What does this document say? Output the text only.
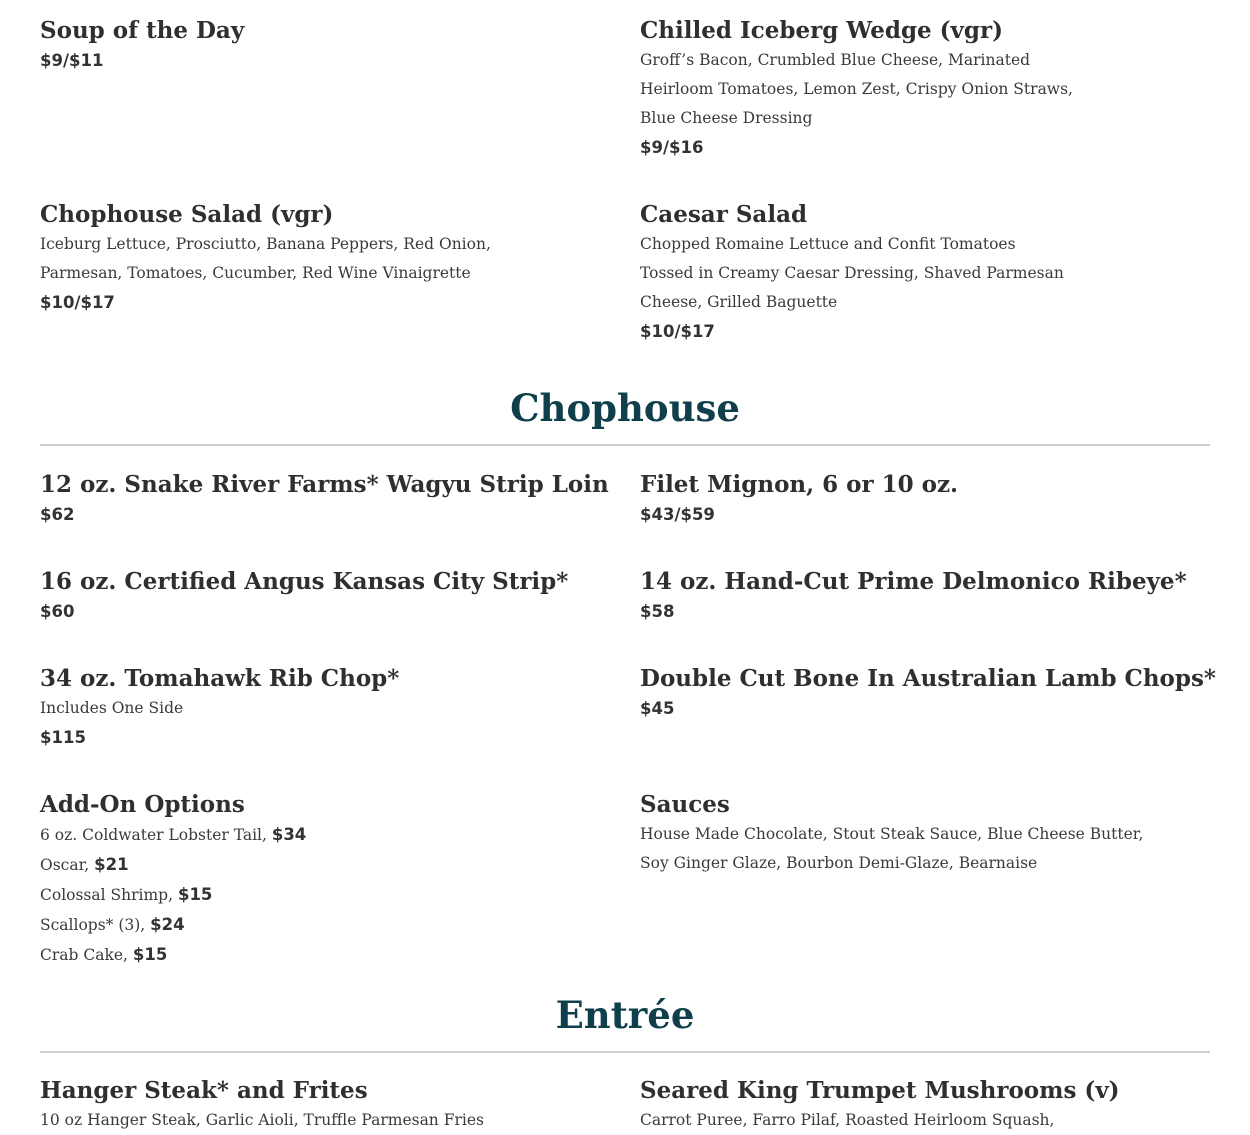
Soup of the Day
$9/$11
Chilled Iceberg Wedge (vgr)
Groff’s Bacon, Crumbled Blue Cheese, Marinated
Heirloom Tomatoes, Lemon Zest, Crispy Onion Straws,
Blue Cheese Dressing
$9/$16
Chophouse Salad (vgr)
Iceburg Lettuce, Prosciutto, Banana Peppers, Red Onion,
Parmesan, Tomatoes, Cucumber, Red Wine Vinaigrette
$10/$17
Caesar Salad
Chopped Romaine Lettuce and Confit Tomatoes
Tossed in Creamy Caesar Dressing, Shaved Parmesan
Cheese, Grilled Baguette
$10/$17
Chophouse
12 oz. Snake River Farms* Wagyu Strip Loin
$62
Filet Mignon, 6 or 10 oz.
$43/$59
16 oz. Certified Angus Kansas City Strip*
$60
14 oz. Hand-Cut Prime Delmonico Ribeye*
$58
34 oz. Tomahawk Rib Chop*
Includes One Side
$115
Double Cut Bone In Australian Lamb Chops*
$45
Add-On Options
6 oz. Coldwater Lobster Tail, $34
Oscar, $21
Colossal Shrimp, $15
Scallops* (3), $24
Crab Cake, $15
Sauces
House Made Chocolate, Stout Steak Sauce, Blue Cheese Butter,
Soy Ginger Glaze, Bourbon Demi-Glaze, Bearnaise
Entrée
Hanger Steak* and Frites
10 oz Hanger Steak, Garlic Aioli, Truffle Parmesan Fries
Seared King Trumpet Mushrooms (v)
Carrot Puree, Farro Pilaf, Roasted Heirloom Squash,
